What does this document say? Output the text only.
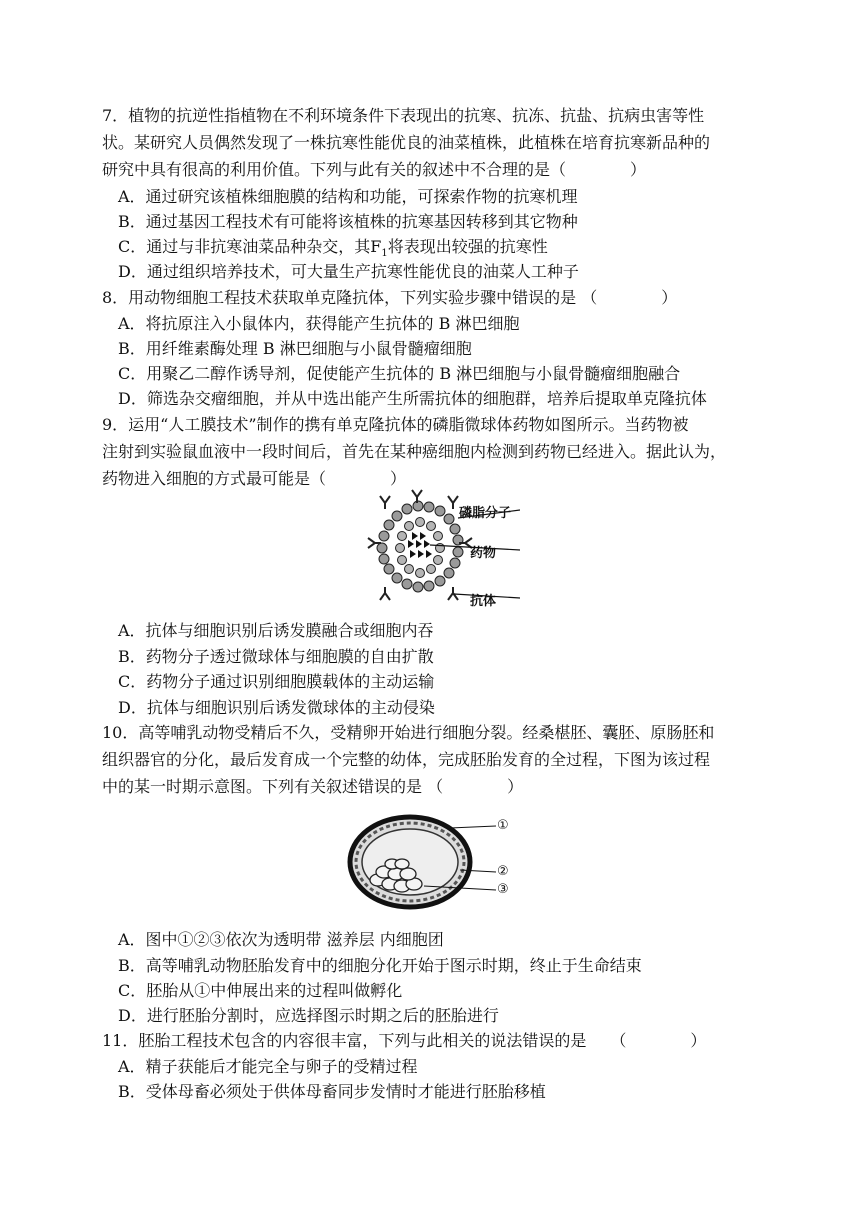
7．植物的抗逆性指植物在不利环境条件下表现出的抗寒、抗冻、抗盐、抗病虫害等性
状。某研究人员偶然发现了一株抗寒性能优良的油菜植株，此植株在培育抗寒新品种的
研究中具有很高的利用价值。下列与此有关的叙述中不合理的是（　　　　）
A．通过研究该植株细胞膜的结构和功能，可探索作物的抗寒机理
B．通过基因工程技术有可能将该植株的抗寒基因转移到其它物种
C．通过与非抗寒油菜品种杂交，其$F_1$将表现出较强的抗寒性
D．通过组织培养技术，可大量生产抗寒性能优良的油菜人工种子
8．用动物细胞工程技术获取单克隆抗体，下列实验步骤中错误的是 （　　　　）
A．将抗原注入小鼠体内，获得能产生抗体的 B 淋巴细胞
B．用纤维素酶处理 B 淋巴细胞与小鼠骨髓瘤细胞
C．用聚乙二醇作诱导剂，促使能产生抗体的 B 淋巴细胞与小鼠骨髓瘤细胞融合
D．筛选杂交瘤细胞，并从中选出能产生所需抗体的细胞群，培养后提取单克隆抗体
9．运用“人工膜技术”制作的携有单克隆抗体的磷脂微球体药物如图所示。当药物被
注射到实验鼠血液中一段时间后，首先在某种癌细胞内检测到药物已经进入。据此认为，
药物进入细胞的方式最可能是（　　　　）
磷脂分子
药物
抗体
A．抗体与细胞识别后诱发膜融合或细胞内吞
B．药物分子透过微球体与细胞膜的自由扩散
C．药物分子通过识别细胞膜载体的主动运输
D．抗体与细胞识别后诱发微球体的主动侵染
10．高等哺乳动物受精后不久，受精卵开始进行细胞分裂。经桑椹胚、囊胚、原肠胚和
组织器官的分化，最后发育成一个完整的幼体，完成胚胎发育的全过程，下图为该过程
中的某一时期示意图。下列有关叙述错误的是 （　　　　）
①
②
③
A．图中①②③依次为透明带 滋养层 内细胞团
B．高等哺乳动物胚胎发育中的细胞分化开始于图示时期，终止于生命结束
C．胚胎从①中伸展出来的过程叫做孵化
D．进行胚胎分割时，应选择图示时期之后的胚胎进行
11．胚胎工程技术包含的内容很丰富，下列与此相关的说法错误的是　　（　　　　）
A．精子获能后才能完全与卵子的受精过程
B．受体母畜必须处于供体母畜同步发情时才能进行胚胎移植
